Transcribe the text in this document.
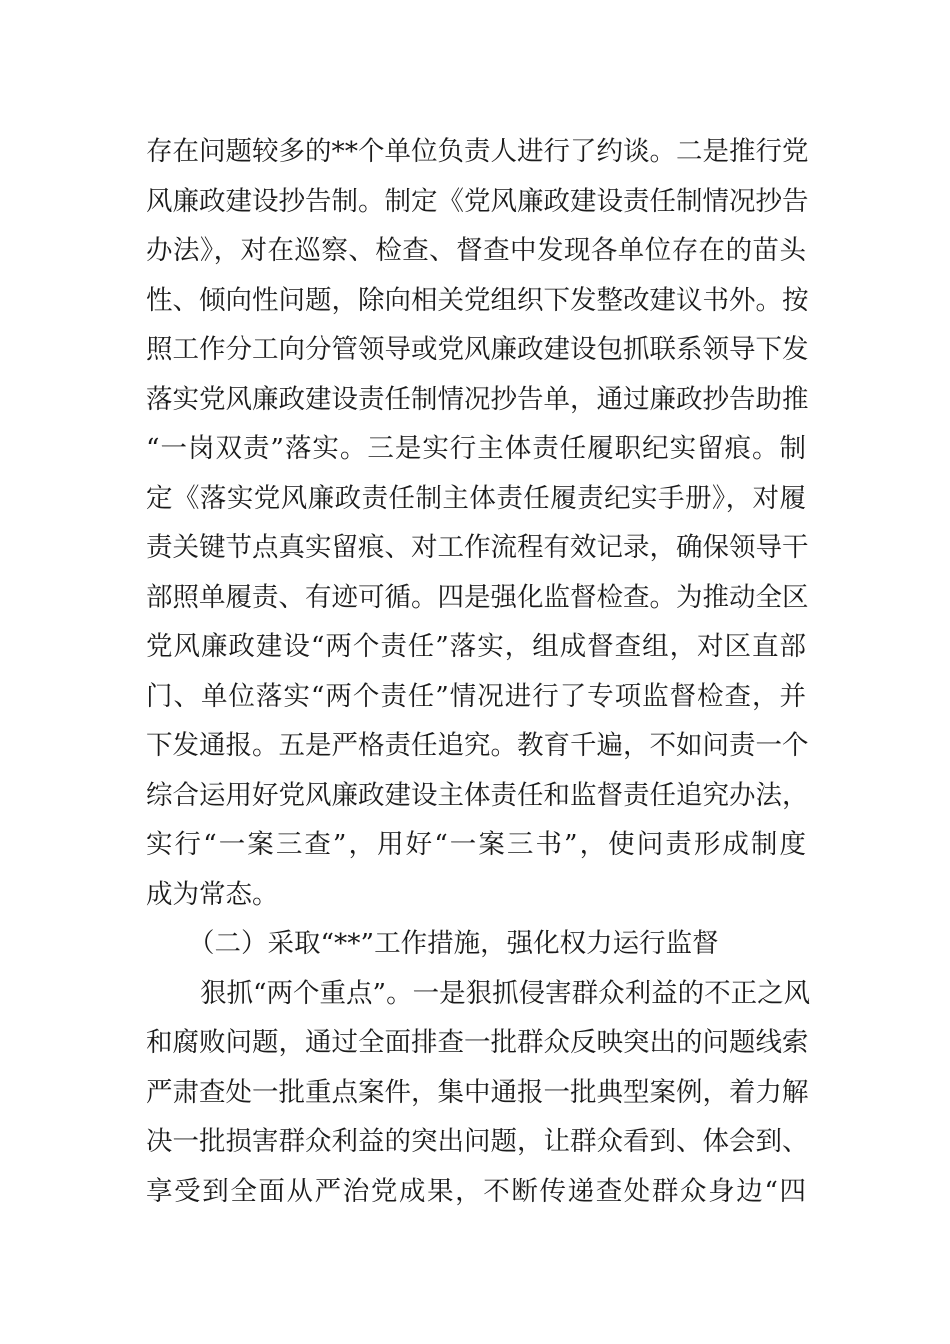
存在问题较多的**个单位负责人进行了约谈。二是推行党
风廉政建设抄告制。制定《党风廉政建设责任制情况抄告
办法》，对在巡察、检查、督查中发现各单位存在的苗头
性、倾向性问题，除向相关党组织下发整改建议书外。按
照工作分工向分管领导或党风廉政建设包抓联系领导下发
落实党风廉政建设责任制情况抄告单，通过廉政抄告助推
“一岗双责”落实。三是实行主体责任履职纪实留痕。制
定《落实党风廉政责任制主体责任履责纪实手册》，对履
责关键节点真实留痕、对工作流程有效记录，确保领导干
部照单履责、有迹可循。四是强化监督检查。为推动全区
党风廉政建设“两个责任”落实，组成督查组，对区直部
门、单位落实“两个责任”情况进行了专项监督检查，并
下发通报。五是严格责任追究。教育千遍，不如问责一个
综合运用好党风廉政建设主体责任和监督责任追究办法，
实行“一案三查”，用好“一案三书”，使问责形成制度
成为常态。
（二）采取“**”工作措施，强化权力运行监督
狠抓“两个重点”。一是狠抓侵害群众利益的不正之风
和腐败问题，通过全面排查一批群众反映突出的问题线索
严肃查处一批重点案件，集中通报一批典型案例，着力解
决一批损害群众利益的突出问题，让群众看到、体会到、
享受到全面从严治党成果，不断传递查处群众身边“四
